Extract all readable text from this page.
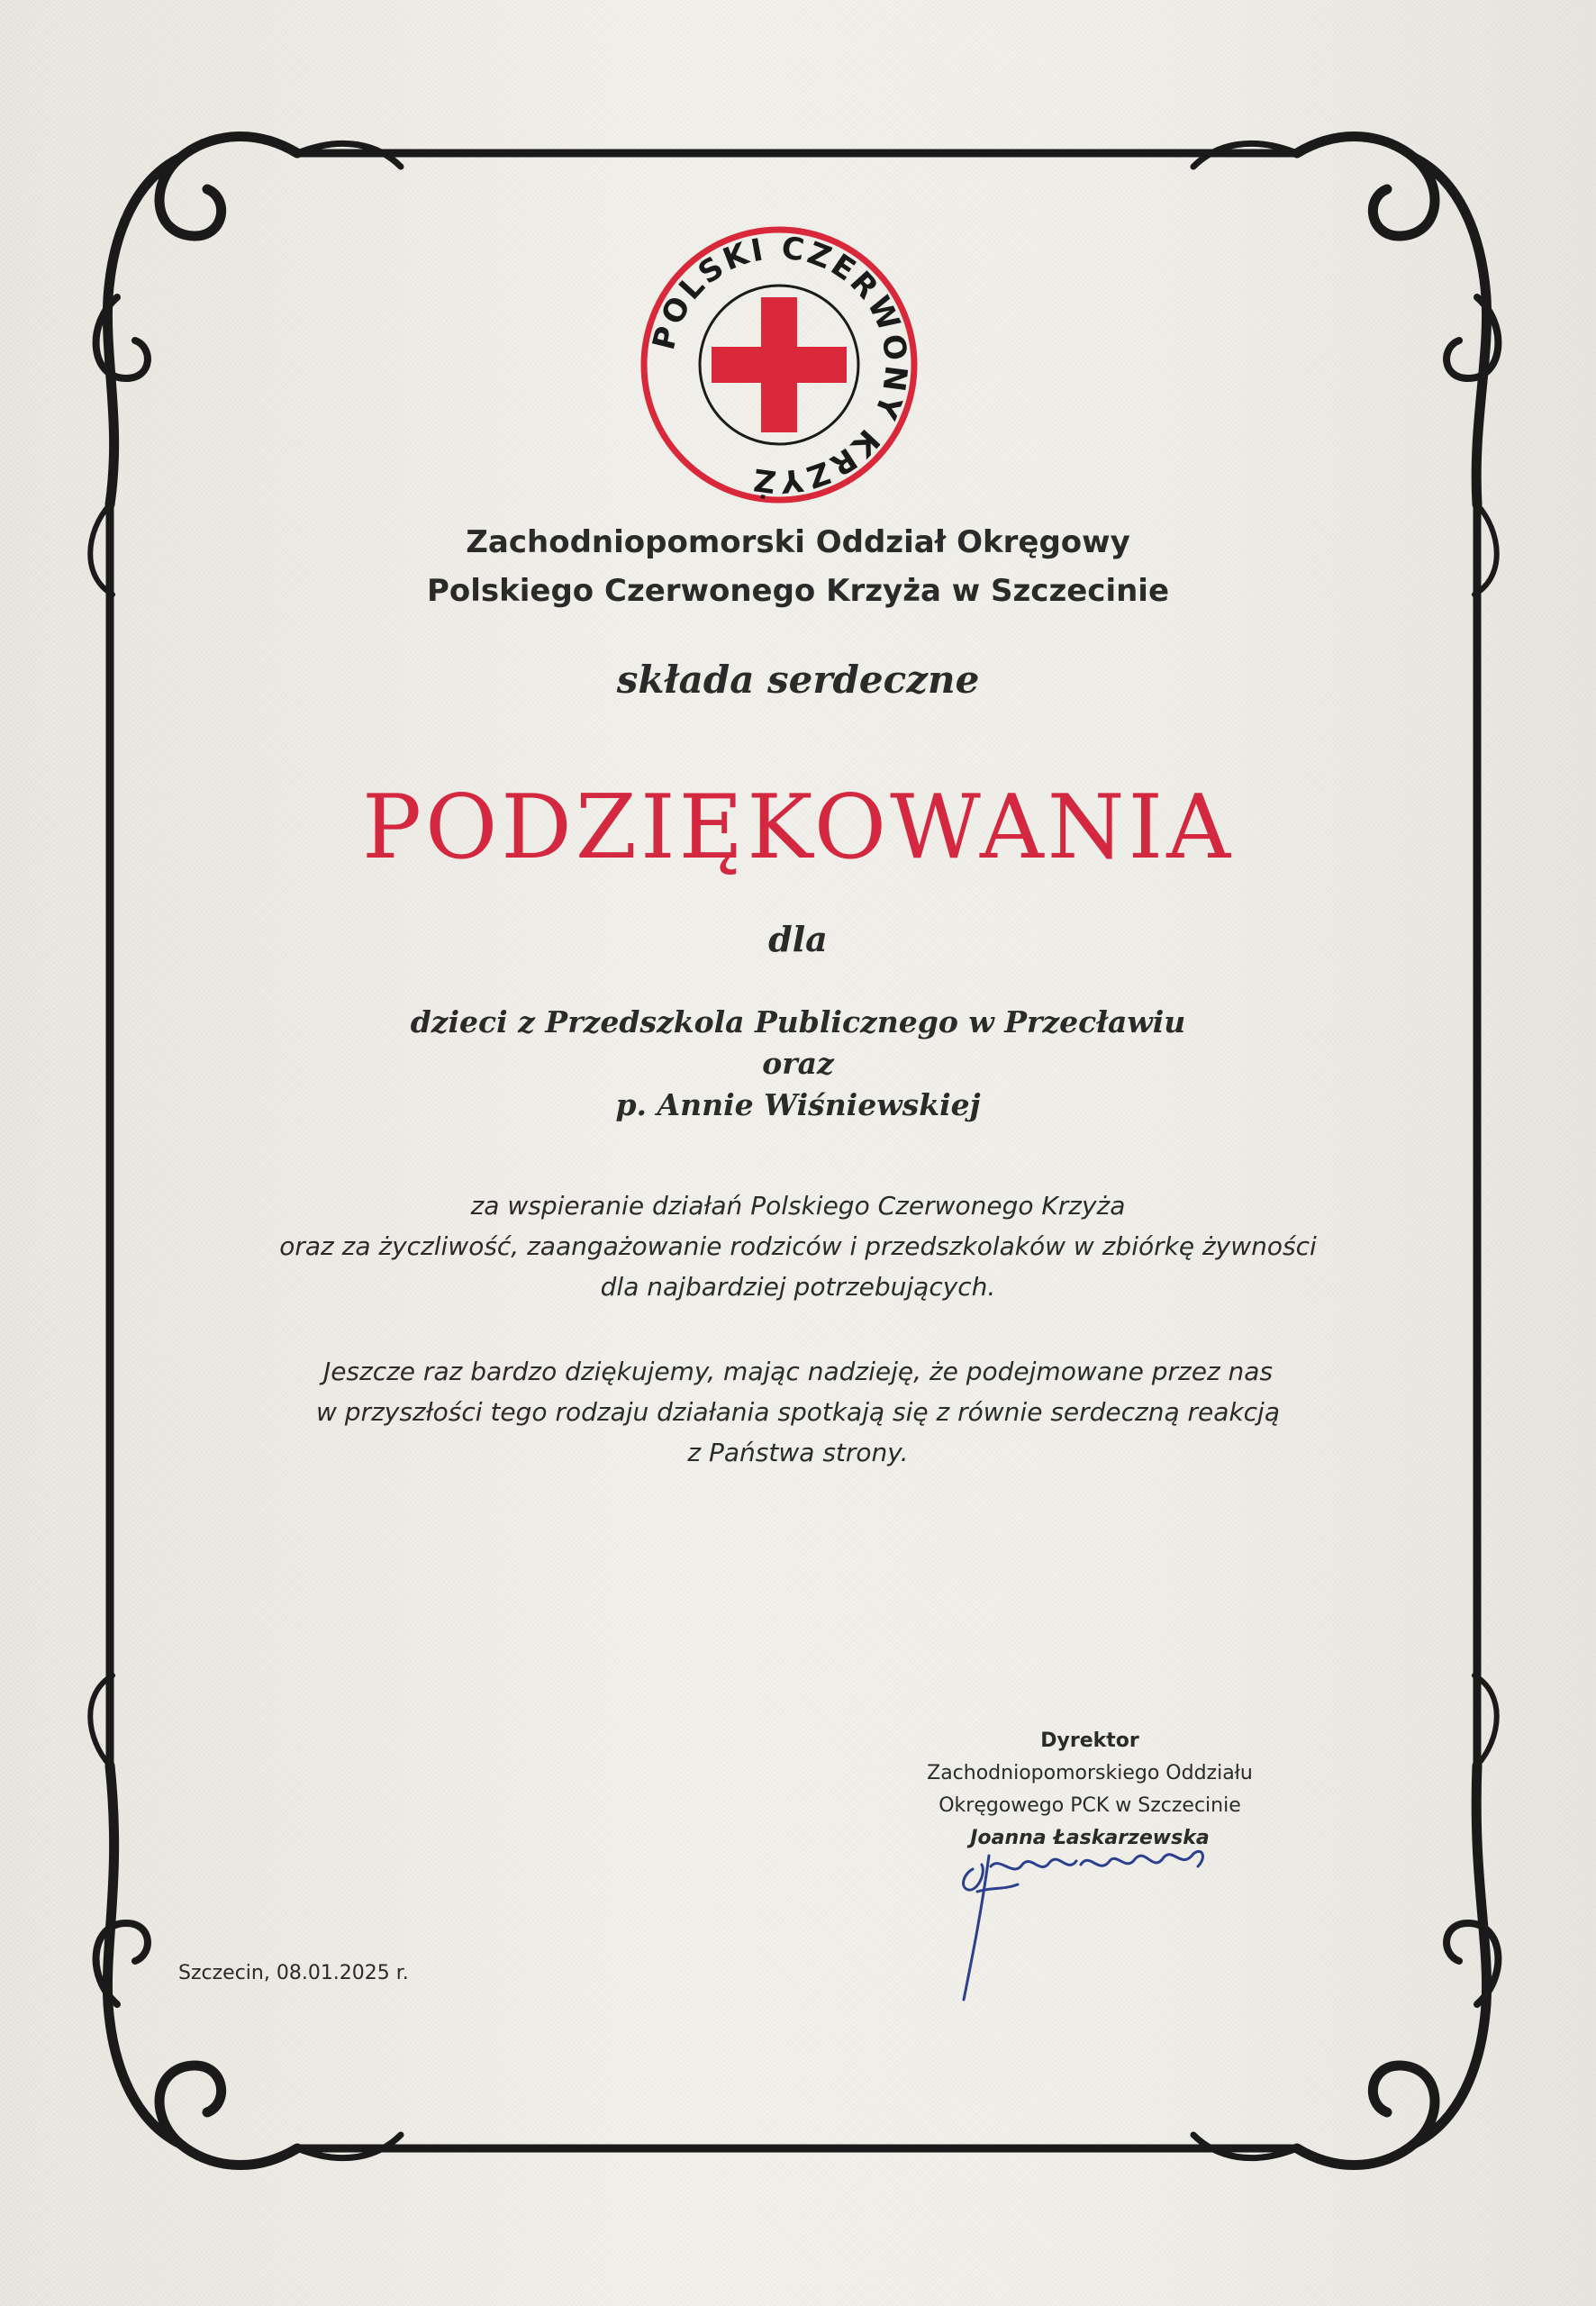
POLSKI CZERWONY KRZYŻ
Zachodniopomorski Oddział Okręgowy
Polskiego Czerwonego Krzyża w Szczecinie
składa serdeczne
PODZIĘKOWANIA
dla
dzieci z Przedszkola Publicznego w Przecławiu
oraz
p. Annie Wiśniewskiej
za wspieranie działań Polskiego Czerwonego Krzyża
oraz za życzliwość, zaangażowanie rodziców i przedszkolaków w zbiórkę żywności
dla najbardziej potrzebujących.
Jeszcze raz bardzo dziękujemy, mając nadzieję, że podejmowane przez nas
w przyszłości tego rodzaju działania spotkają się z równie serdeczną reakcją
z Państwa strony.
Dyrektor
Zachodniopomorskiego Oddziału
Okręgowego PCK w Szczecinie
Joanna Łaskarzewska
Szczecin, 08.01.2025 r.
